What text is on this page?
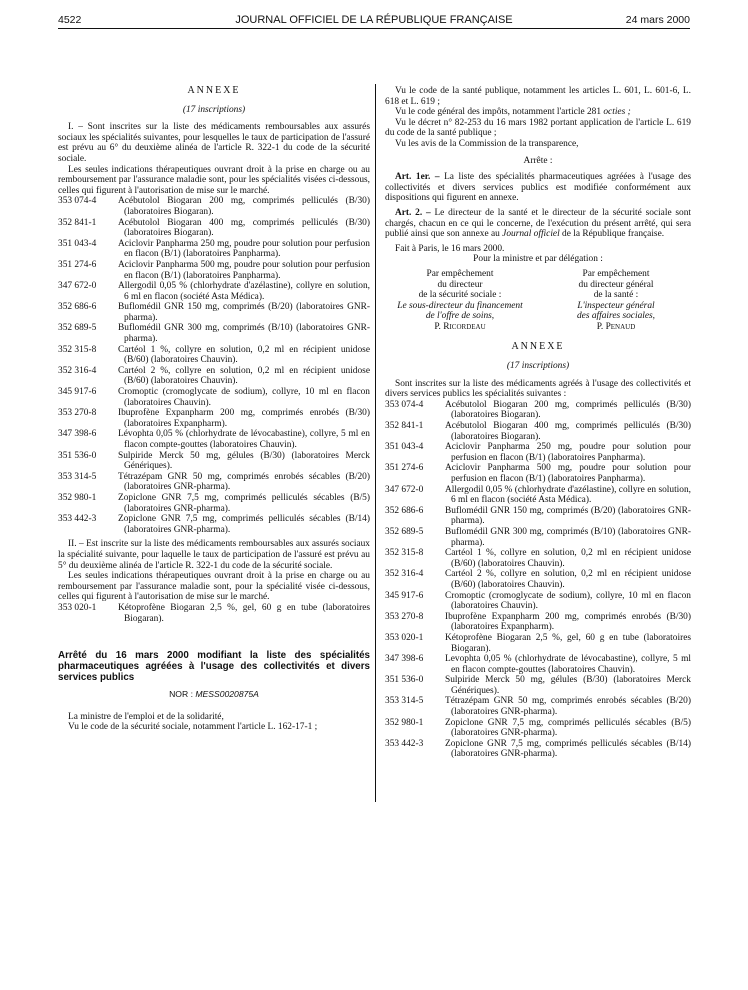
4522	JOURNAL OFFICIEL DE LA RÉPUBLIQUE FRANÇAISE	24 mars 2000
ANNEXE
(17 inscriptions)

I. – Sont inscrites sur la liste des médicaments remboursables aux assurés sociaux les spécialités suivantes, pour lesquelles le taux de participation de l'assuré est prévu au 6° du deuxième alinéa de l'article R. 322-1 du code de la sécurité sociale.

Les seules indications thérapeutiques ouvrant droit à la prise en charge ou au remboursement par l'assurance maladie sont, pour les spécialités visées ci-dessous, celles qui figurent à l'autorisation de mise sur le marché.

353 074-4	Acébutolol Biogaran 200 mg, comprimés pelliculés (B/30) (laboratoires Biogaran).
352 841-1	Acébutolol Biogaran 400 mg, comprimés pelliculés (B/30) (laboratoires Biogaran).
351 043-4	Aciclovir Panpharma 250 mg, poudre pour solution pour perfusion en flacon (B/1) (laboratoires Panpharma).
351 274-6	Aciclovir Panpharma 500 mg, poudre pour solution pour perfusion en flacon (B/1) (laboratoires Panpharma).
347 672-0	Allergodil 0,05 % (chlorhydrate d'azélastine), collyre en solution, 6 ml en flacon (société Asta Médica).
352 686-6	Buflomédil GNR 150 mg, comprimés (B/20) (laboratoires GNR-pharma).
352 689-5	Buflomédil GNR 300 mg, comprimés (B/10) (laboratoires GNR-pharma).
352 315-8	Cartéol 1 %, collyre en solution, 0,2 ml en récipient unidose (B/60) (laboratoires Chauvin).
352 316-4	Cartéol 2 %, collyre en solution, 0,2 ml en récipient unidose (B/60) (laboratoires Chauvin).
345 917-6	Cromoptic (cromoglycate de sodium), collyre, 10 ml en flacon (laboratoires Chauvin).
353 270-8	Ibuprofène Expanpharm 200 mg, comprimés enrobés (B/30) (laboratoires Expanpharm).
347 398-6	Lévophta 0,05 % (chlorhydrate de lévocabastine), collyre, 5 ml en flacon compte-gouttes (laboratoires Chauvin).
351 536-0	Sulpiride Merck 50 mg, gélules (B/30) (laboratoires Merck Génériques).
353 314-5	Tétrazépam GNR 50 mg, comprimés enrobés sécables (B/20) (laboratoires GNR-pharma).
352 980-1	Zopiclone GNR 7,5 mg, comprimés pelliculés sécables (B/5) (laboratoires GNR-pharma).
353 442-3	Zopiclone GNR 7,5 mg, comprimés pelliculés sécables (B/14) (laboratoires GNR-pharma).

II. – Est inscrite sur la liste des médicaments remboursables aux assurés sociaux la spécialité suivante, pour laquelle le taux de participation de l'assuré est prévu au 5° du deuxième alinéa de l'article R. 322-1 du code de la sécurité sociale.

Les seules indications thérapeutiques ouvrant droit à la prise en charge ou au remboursement par l'assurance maladie sont, pour la spécialité visée ci-dessous, celles qui figurent à l'autorisation de mise sur le marché.

353 020-1	Kétoprofène Biogaran 2,5 %, gel, 60 g en tube (laboratoires Biogaran).

Arrêté du 16 mars 2000 modifiant la liste des spécialités pharmaceutiques agréées à l'usage des collectivités et divers services publics

NOR : MESS0020875A

La ministre de l'emploi et de la solidarité,

Vu le code de la sécurité sociale, notamment l'article L. 162-17-1 ;

Vu le code de la santé publique, notamment les articles L. 601, L. 601-6, L. 618 et L. 619 ;

Vu le code général des impôts, notamment l'article 281 octies ;

Vu le décret n° 82-253 du 16 mars 1982 portant application de l'article L. 619 du code de la santé publique ;

Vu les avis de la Commission de la transparence,

Arrête :

Art. 1er. – La liste des spécialités pharmaceutiques agréées à l'usage des collectivités et divers services publics est modifiée conformément aux dispositions qui figurent en annexe.

Art. 2. – Le directeur de la santé et le directeur de la sécurité sociale sont chargés, chacun en ce qui le concerne, de l'exécution du présent arrêté, qui sera publié ainsi que son annexe au Journal officiel de la République française.

Fait à Paris, le 16 mars 2000.

Pour la ministre et par délégation :

Par empêchement
du directeur
de la sécurité sociale :
Le sous-directeur du financement
de l'offre de soins,
P. Ricordeau
Par empêchement
du directeur général
de la santé :
L'inspecteur général
des affaires sociales,
P. Penaud
ANNEXE
(17 inscriptions)

Sont inscrites sur la liste des médicaments agréés à l'usage des collectivités et divers services publics les spécialités suivantes :

353 074-4	Acébutolol Biogaran 200 mg, comprimés pelliculés (B/30) (laboratoires Biogaran).
352 841-1	Acébutolol Biogaran 400 mg, comprimés pelliculés (B/30) (laboratoires Biogaran).
351 043-4	Aciclovir Panpharma 250 mg, poudre pour solution pour perfusion en flacon (B/1) (laboratoires Panpharma).
351 274-6	Aciclovir Panpharma 500 mg, poudre pour solution pour perfusion en flacon (B/1) (laboratoires Panpharma).
347 672-0	Allergodil 0,05 % (chlorhydrate d'azélastine), collyre en solution, 6 ml en flacon (société Asta Médica).
352 686-6	Buflomédil GNR 150 mg, comprimés (B/20) (laboratoires GNR-pharma).
352 689-5	Buflomédil GNR 300 mg, comprimés (B/10) (laboratoires GNR-pharma).
352 315-8	Cartéol 1 %, collyre en solution, 0,2 ml en récipient unidose (B/60) (laboratoires Chauvin).
352 316-4	Cartéol 2 %, collyre en solution, 0,2 ml en récipient unidose (B/60) (laboratoires Chauvin).
345 917-6	Cromoptic (cromoglycate de sodium), collyre, 10 ml en flacon (laboratoires Chauvin).
353 270-8	Ibuprofène Expanpharm 200 mg, comprimés enrobés (B/30) (laboratoires Expanpharm).
353 020-1	Kétoprofène Biogaran 2,5 %, gel, 60 g en tube (laboratoires Biogaran).
347 398-6	Levophta 0,05 % (chlorhydrate de lévocabastine), collyre, 5 ml en flacon compte-gouttes (laboratoires Chauvin).
351 536-0	Sulpiride Merck 50 mg, gélules (B/30) (laboratoires Merck Génériques).
353 314-5	Tétrazépam GNR 50 mg, comprimés enrobés sécables (B/20) (laboratoires GNR-pharma).
352 980-1	Zopiclone GNR 7,5 mg, comprimés pelliculés sécables (B/5) (laboratoires GNR-pharma).
353 442-3	Zopiclone GNR 7,5 mg, comprimés pelliculés sécables (B/14) (laboratoires GNR-pharma).
